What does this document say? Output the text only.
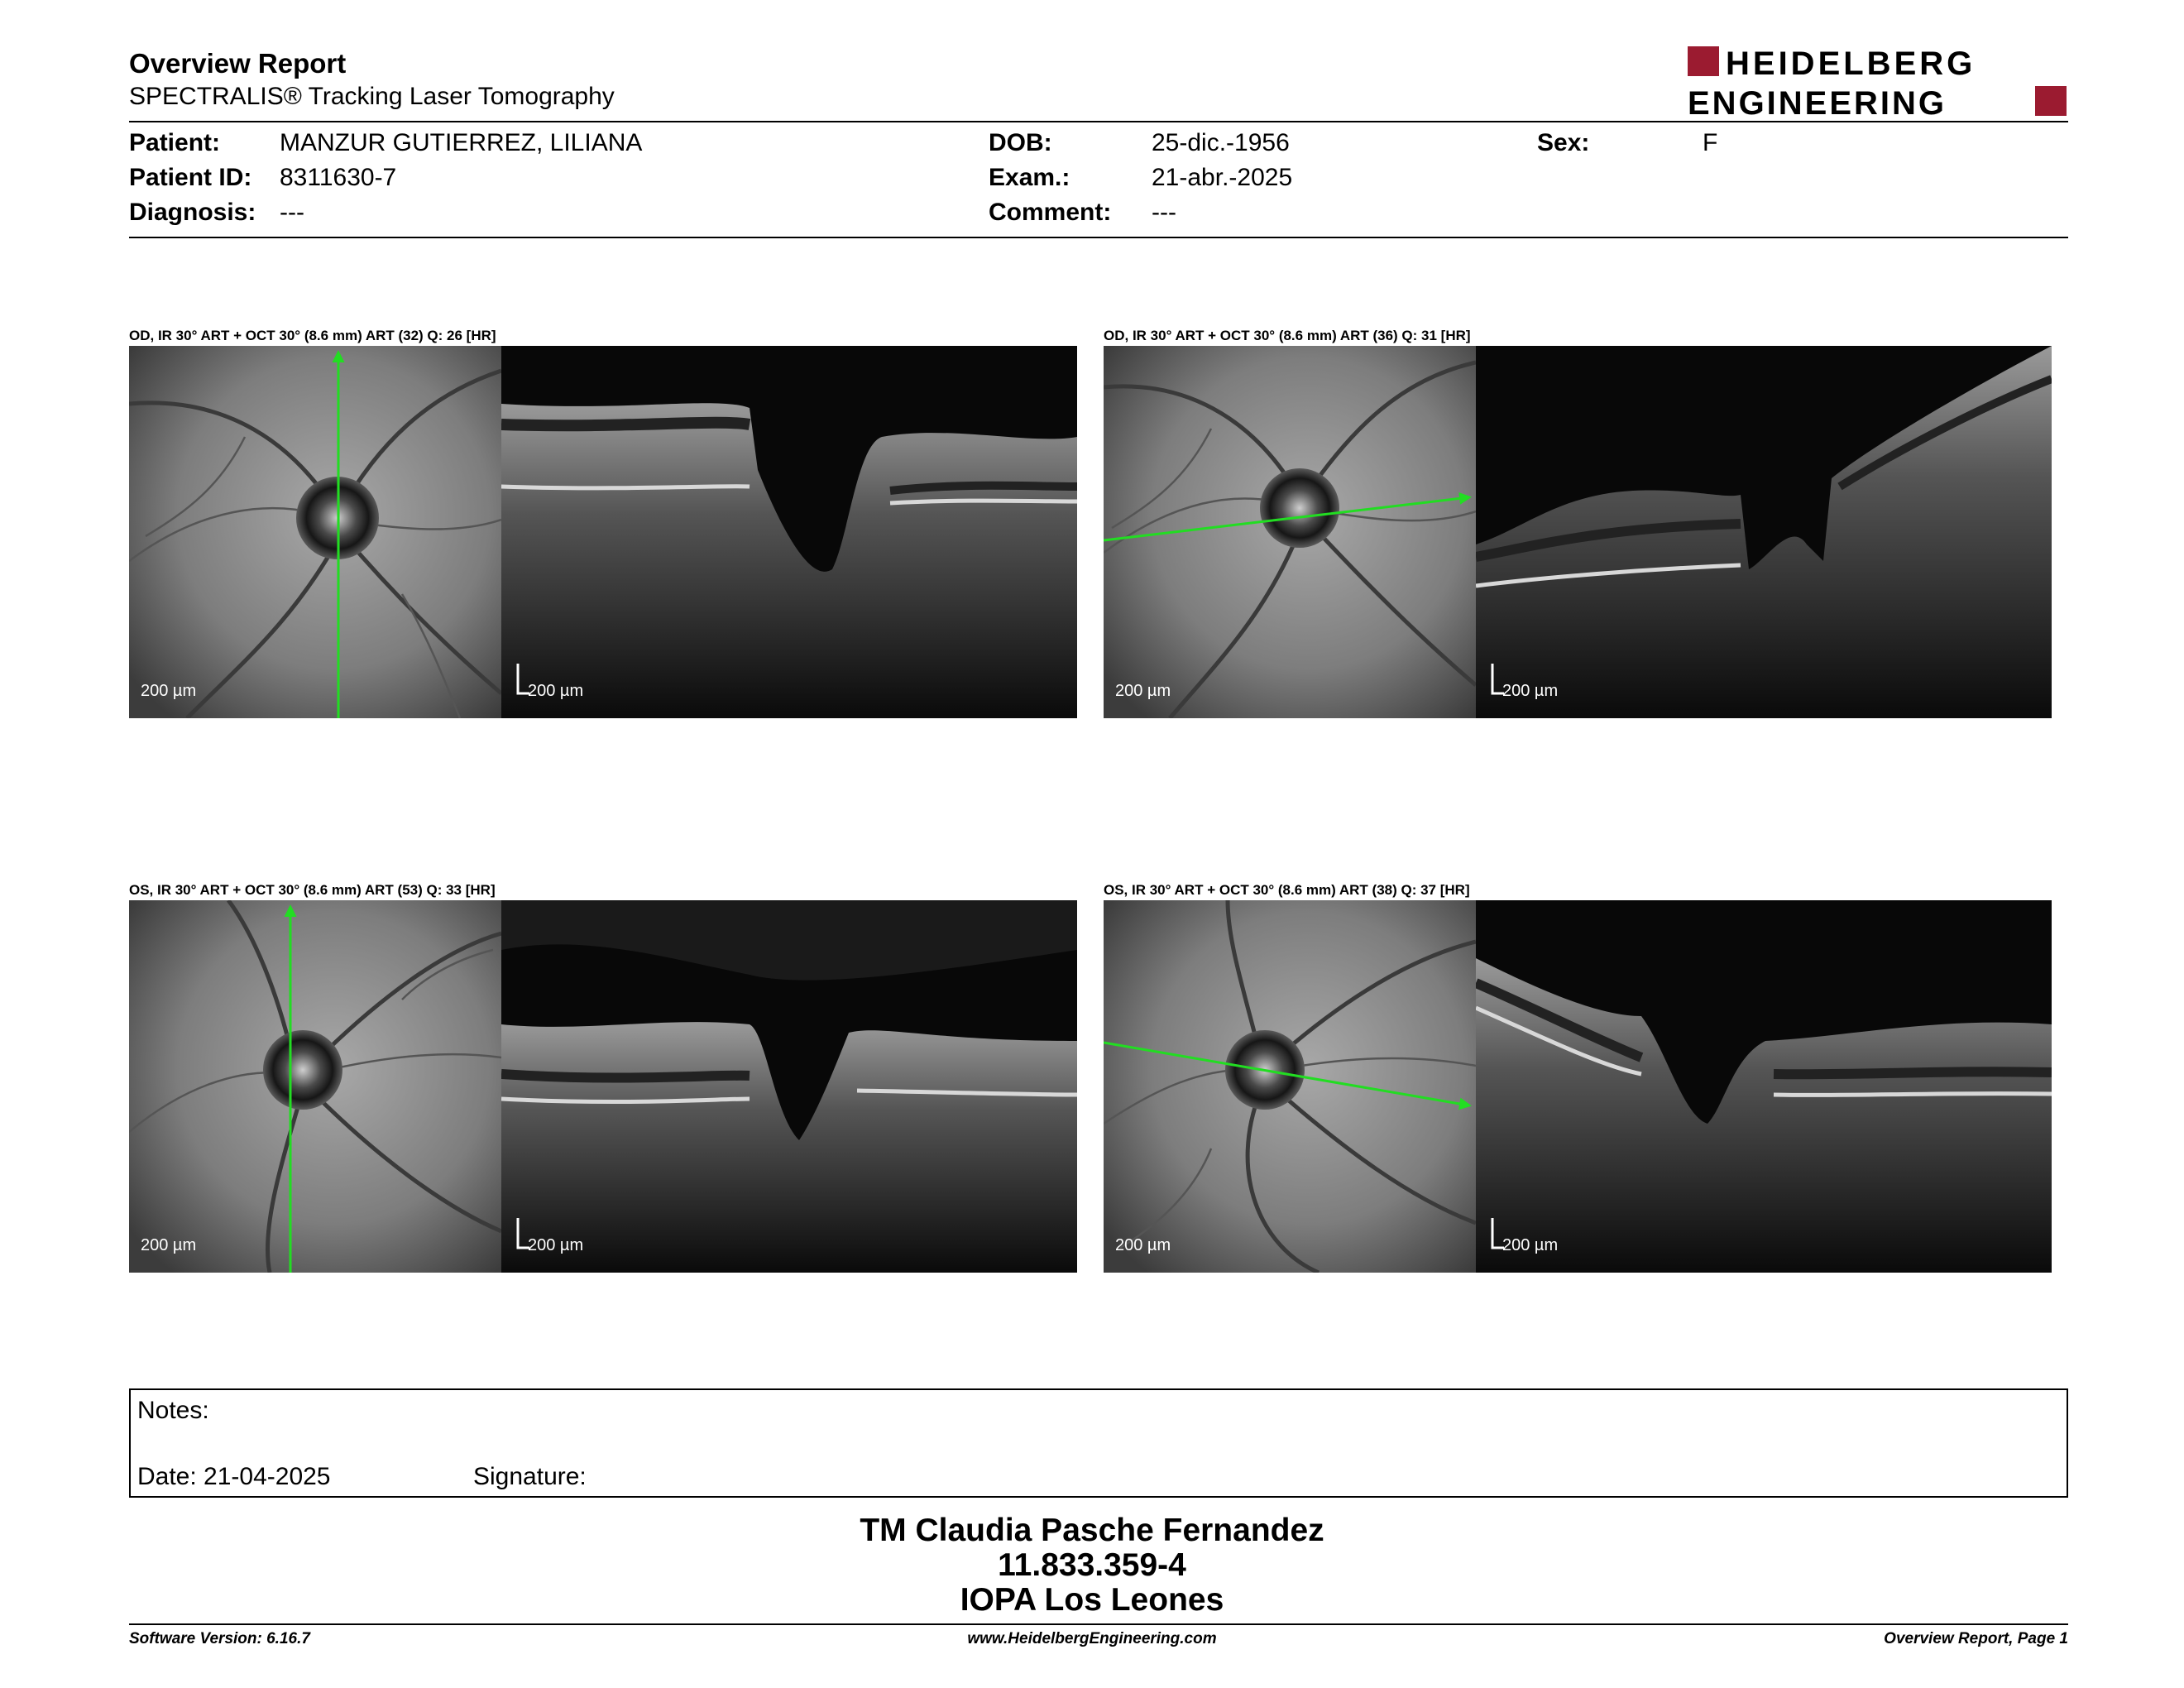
Overview Report
SPECTRALIS® Tracking Laser Tomography
HEIDELBERG
ENGINEERING
Patient: MANZUR GUTIERREZ, LILIANA
Patient ID: 8311630-7
Diagnosis: ---
DOB:	25-dic.-1956
Exam.:	21-abr.-2025
Comment: ---
Sex:	F
OD, IR 30° ART + OCT 30° (8.6 mm) ART (32) Q: 26 [HR]
200 µm	200 µm
OD, IR 30° ART + OCT 30° (8.6 mm) ART (36) Q: 31 [HR]
200 µm	200 µm
OS, IR 30° ART + OCT 30° (8.6 mm) ART (53) Q: 33 [HR]
200 µm	200 µm
OS, IR 30° ART + OCT 30° (8.6 mm) ART (38) Q: 37 [HR]
200 µm	200 µm
Notes:
Date: 21-04-2025	Signature:
TM Claudia Pasche Fernandez
11.833.359-4
IOPA Los Leones
Software Version: 6.16.7	www.HeidelbergEngineering.com	Overview Report, Page 1
